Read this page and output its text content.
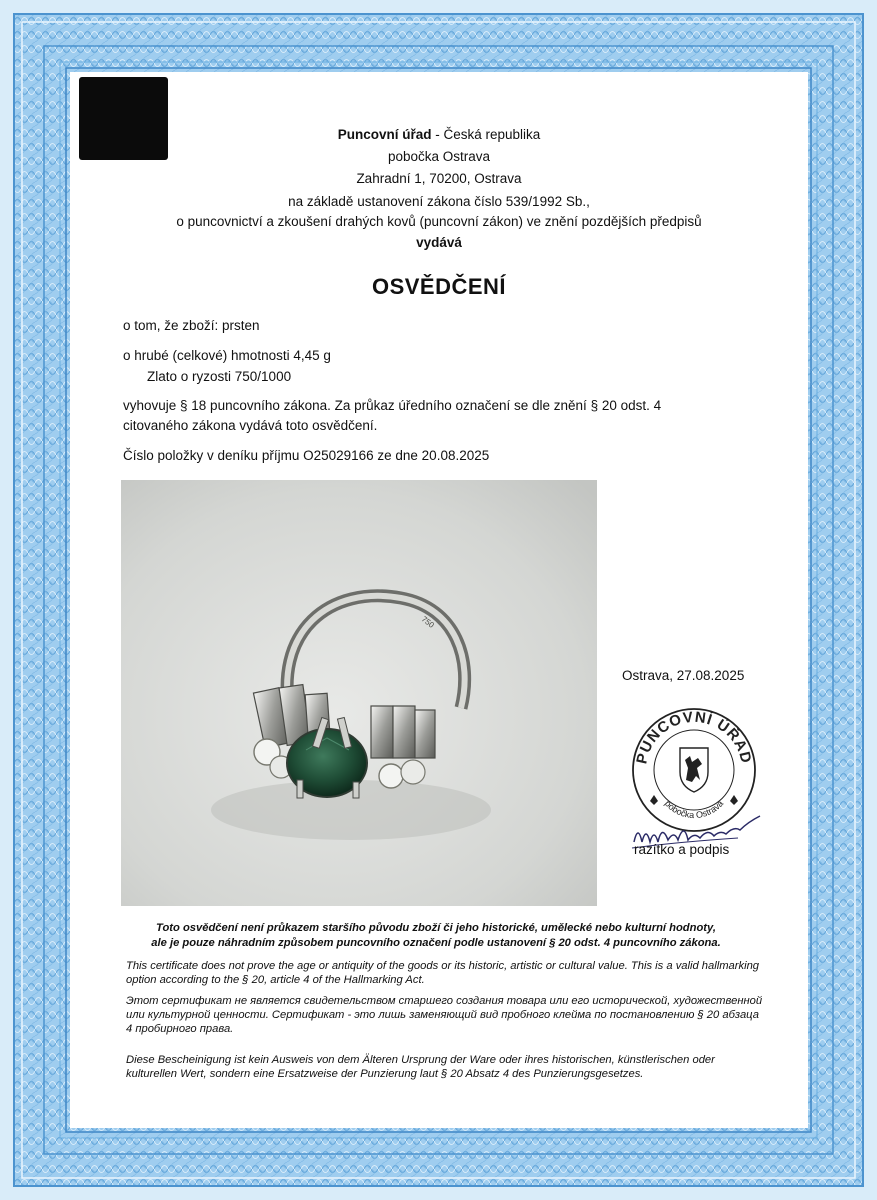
Puncovní úřad - Česká republika
pobočka Ostrava
Zahradní 1, 70200, Ostrava
na základě ustanovení zákona číslo 539/1992 Sb.,
o puncovnictví a zkoušení drahých kovů (puncovní zákon) ve znění pozdějších předpisů
vydává
OSVĚDČENÍ
o tom, že zboží: prsten
o hrubé (celkové) hmotnosti 4,45 g
Zlato o ryzosti 750/1000
vyhovuje § 18 puncovního zákona. Za průkaz úředního označení se dle znění § 20 odst. 4
citovaného zákona vydává toto osvědčení.
Číslo položky v deníku příjmu O25029166 ze dne 20.08.2025
750
Ostrava, 27.08.2025
PUNCOVNÍ ÚŘAD
pobočka Ostrava
razítko a podpis
Toto osvědčení není průkazem staršího původu zboží či jeho historické, umělecké nebo kulturní hodnoty,
ale je pouze náhradním způsobem puncovního označení podle ustanovení § 20 odst. 4 puncovního zákona.
This certificate does not prove the age or antiquity of the goods or its historic, artistic or cultural value. This is a valid hallmarking option according to the § 20, article 4 of the Hallmarking Act.
Этот сертификат не является свидетельством старшего создания товара или его исторической, художественной или культурной ценности. Сертификат - это лишь заменяющий вид пробного клейма по постановлению § 20 абзаца 4 пробирного права.
Diese Bescheinigung ist kein Ausweis von dem Älteren Ursprung der Ware oder ihres historischen, künstlerischen oder kulturellen Wert, sondern eine Ersatzweise der Punzierung laut § 20 Absatz 4 des Punzierungsgesetzes.
